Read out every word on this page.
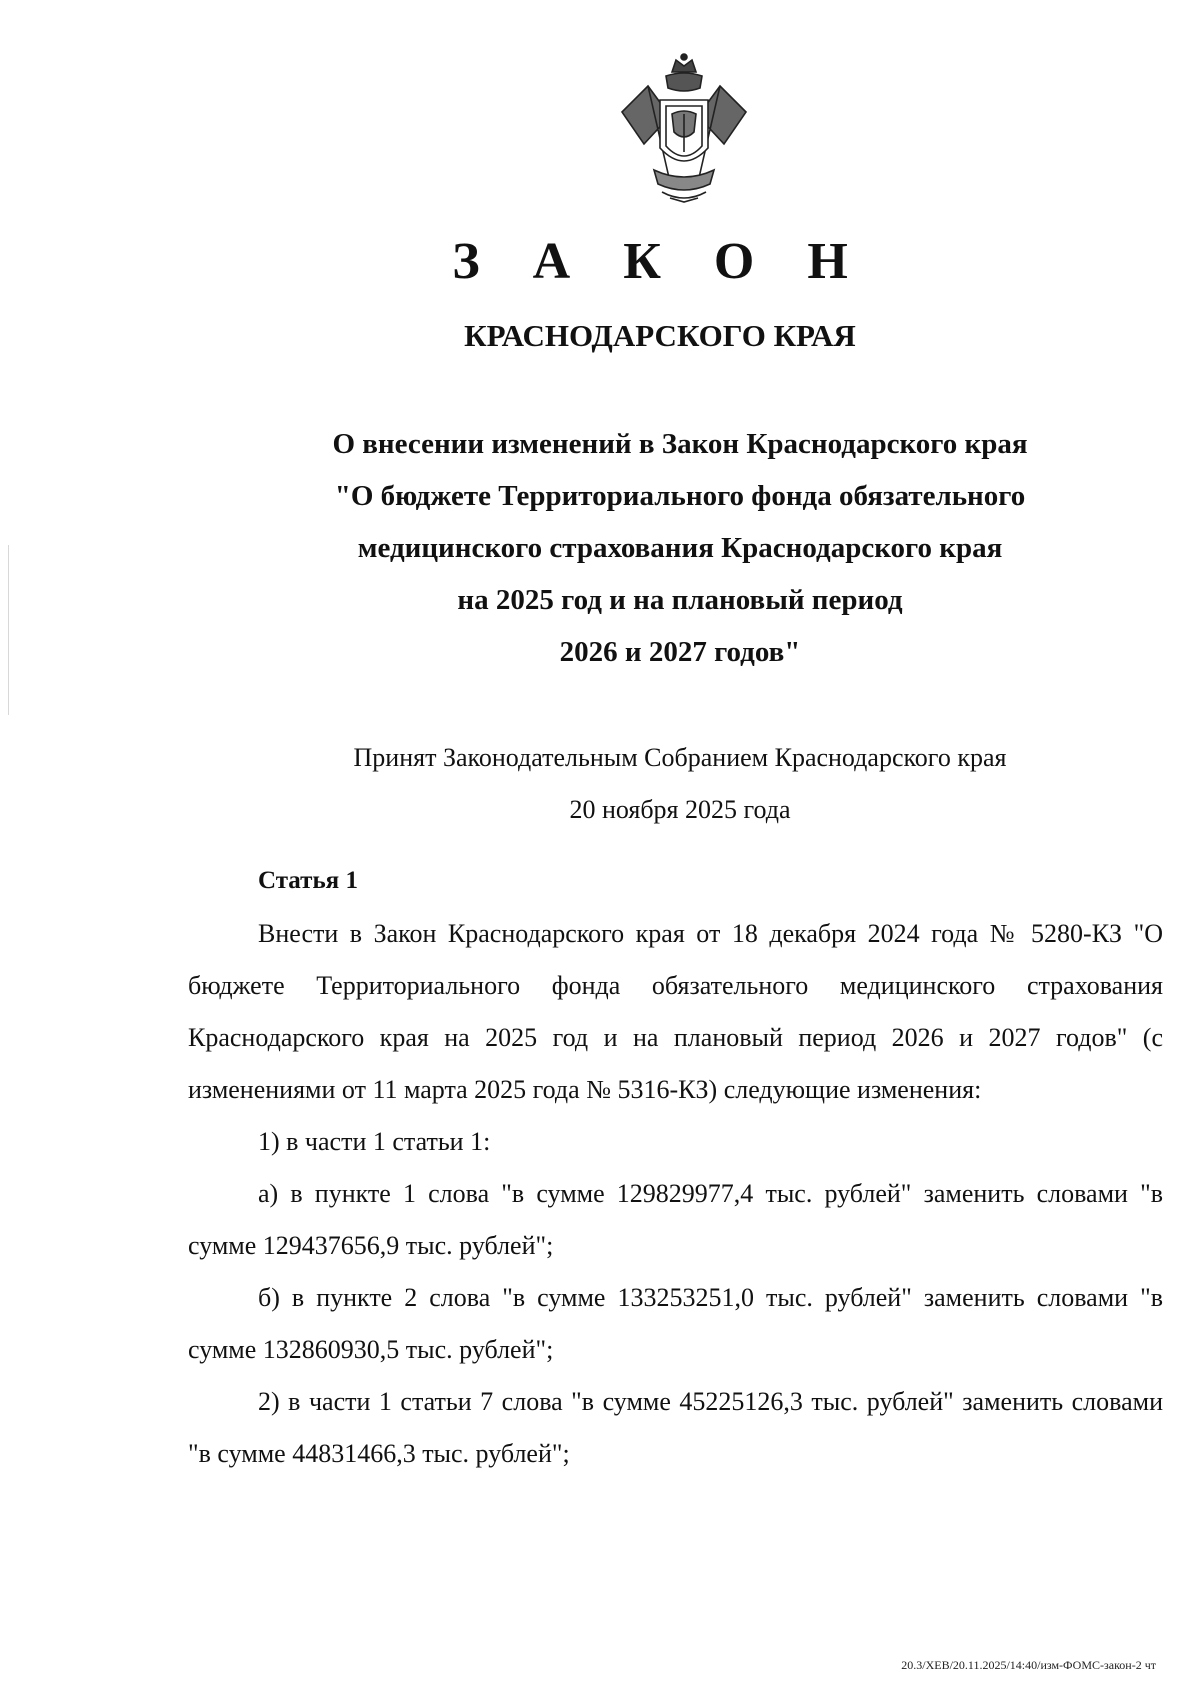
З А К О Н
КРАСНОДАРСКОГО КРАЯ
О внесении изменений в Закон Краснодарского края
"О бюджете Территориального фонда обязательного
медицинского страхования Краснодарского края
на 2025 год и на плановый период
2026 и 2027 годов"
Принят Законодательным Собранием Краснодарского края
20 ноября 2025 года
Статья 1

Внести в Закон Краснодарского края от 18 декабря 2024 года № 5280-КЗ "О бюджете Территориального фонда обязательного медицинского страхования Краснодарского края на 2025 год и на плановый период 2026 и 2027 годов" (с изменениями от 11 марта 2025 года № 5316-КЗ) следующие изменения:

1) в части 1 статьи 1:

а) в пункте 1 слова "в сумме 129829977,4 тыс. рублей" заменить словами "в сумме 129437656,9 тыс. рублей";

б) в пункте 2 слова "в сумме 133253251,0 тыс. рублей" заменить словами "в сумме 132860930,5 тыс. рублей";

2) в части 1 статьи 7 слова "в сумме 45225126,3 тыс. рублей" заменить словами "в сумме 44831466,3 тыс. рублей";

20.3/ХЕВ/20.11.2025/14:40/изм-ФОМС-закон-2 чт
